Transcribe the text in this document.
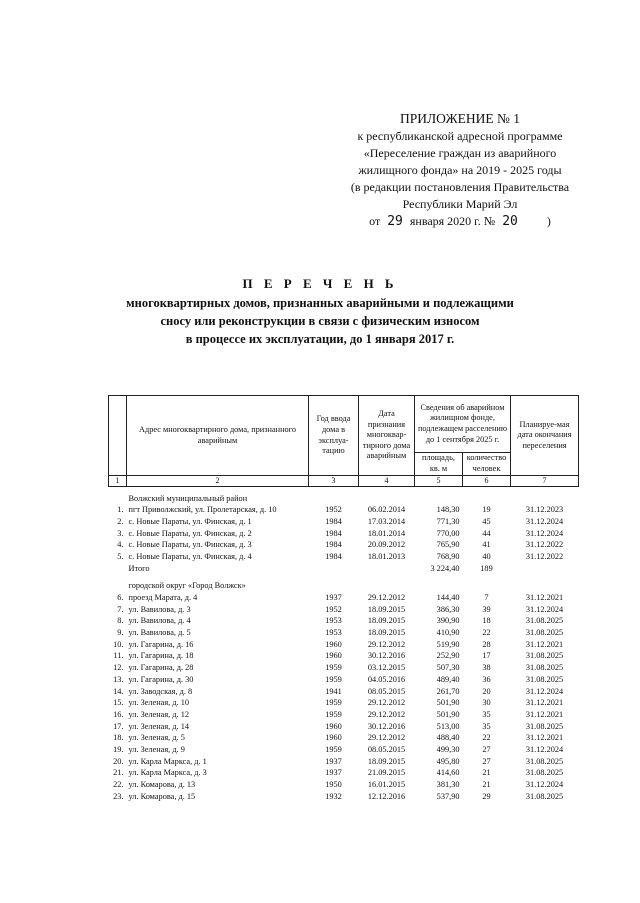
ПРИЛОЖЕНИЕ № 1
к республиканской адресной программе
«Переселение граждан из аварийного
жилищного фонда» на 2019 - 2025 годы
(в редакции постановления Правительства
Республики Марий Эл
от 29 января 2020 г. № 20 )
П Е Р Е Ч Е Н Ь
многоквартирных домов, признанных аварийными и подлежащими
сносу или реконструкции в связи с физическим износом
в процессе их эксплуатации, до 1 января 2017 г.
	Адрес многоквартирного дома, признанного аварийным	Год ввода дома в эксплуа-тацию	Дата признания многоквар-тирного дома аварийным	Сведения об аварийном жилищном фонде, подлежащем расселению до 1 сентября 2025 г.		Планируе-мая дата окончания переселения
				площадь, кв. м	количество человек	
1	2	3	4	5	6	7

	Волжский муниципальный район					
1.	пгт Приволжский, ул. Пролетарская, д. 10	1952	06.02.2014	148,30	19	31.12.2023
2.	с. Новые Параты, ул. Финская, д. 1	1984	17.03.2014	771,30	45	31.12.2024
3.	с. Новые Параты, ул. Финская, д. 2	1984	18.01.2014	770,00	44	31.12.2024
4.	с. Новые Параты, ул. Финская, д. 3	1984	20.09.2012	765,90	41	31.12.2022
5.	с. Новые Параты, ул. Финская, д. 4	1984	18.01.2013	768,90	40	31.12.2022
	Итого			3 224,40	189	

	городской округ «Город Волжск»					
6.	проезд Марата, д. 4	1937	29.12.2012	144,40	7	31.12.2021
7.	ул. Вавилова, д. 3	1952	18.09.2015	386,30	39	31.12.2024
8.	ул. Вавилова, д. 4	1953	18.09.2015	390,90	18	31.08.2025
9.	ул. Вавилова, д. 5	1953	18.09.2015	410,90	22	31.08.2025
10.	ул. Гагарина, д. 16	1960	29.12.2012	519,90	28	31.12.2021
11.	ул. Гагарина, д. 18	1960	30.12.2016	252,90	17	31.08.2025
12.	ул. Гагарина, д. 28	1959	03.12.2015	507,30	38	31.08.2025
13.	ул. Гагарина, д. 30	1959	04.05.2016	489,40	36	31.08.2025
14.	ул. Заводская, д. 8	1941	08.05.2015	261,70	20	31.12.2024
15.	ул. Зеленая, д. 10	1959	29.12.2012	501,90	30	31.12.2021
16.	ул. Зеленая, д. 12	1959	29.12.2012	501,90	35	31.12.2021
17.	ул. Зеленая, д. 14	1960	30.12.2016	513,00	35	31.08.2025
18.	ул. Зеленая, д. 5	1960	29.12.2012	488,40	22	31.12.2021
19.	ул. Зеленая, д. 9	1959	08.05.2015	499,30	27	31.12.2024
20.	ул. Карла Маркса, д. 1	1937	18.09.2015	495,80	27	31.08.2025
21.	ул. Карла Маркса, д. 3	1937	21.09.2015	414,60	21	31.08.2025
22.	ул. Комарова, д. 13	1950	16.01.2015	381,30	21	31.12.2024
23.	ул. Комарова, д. 15	1932	12.12.2016	537,90	29	31.08.2025
